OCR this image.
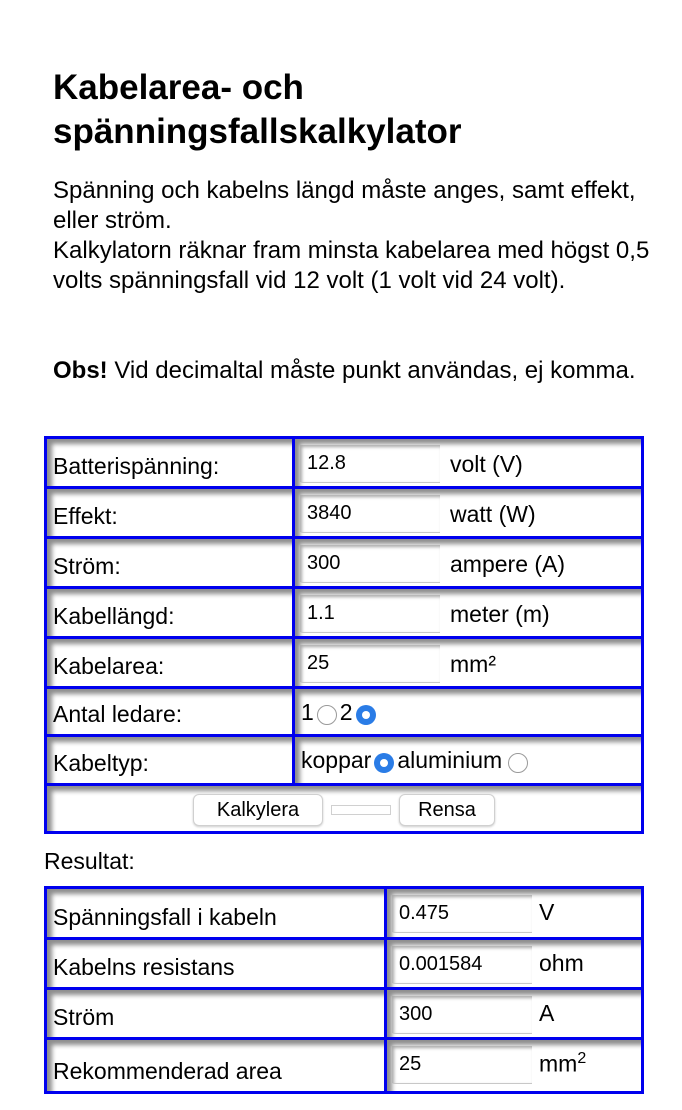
Kabelarea- och spänningsfallskalkylator
Spänning och kabelns längd måste anges, samt effekt, eller ström.
Kalkylatorn räknar fram minsta kabelarea med högst 0,5 volts spänningsfall vid 12 volt (1 volt vid 24 volt).
Obs! Vid decimaltal måste punkt användas, ej komma.
Batterispänning:
12.8	volt (V)
Effekt:
3840	watt (W)
Ström:
300	ampere (A)
Kabellängd:
1.1	meter (m)
Kabelarea:
25	mm²
Antal ledare:	1 2
Kabeltyp:	koppar aluminium
Kalkylera	Rensa
Resultat:
Spänningsfall i kabeln
0.475	V
Kabelns resistans
0.001584	ohm
Ström
300	A
Rekommenderad area
25	$mm^2$
